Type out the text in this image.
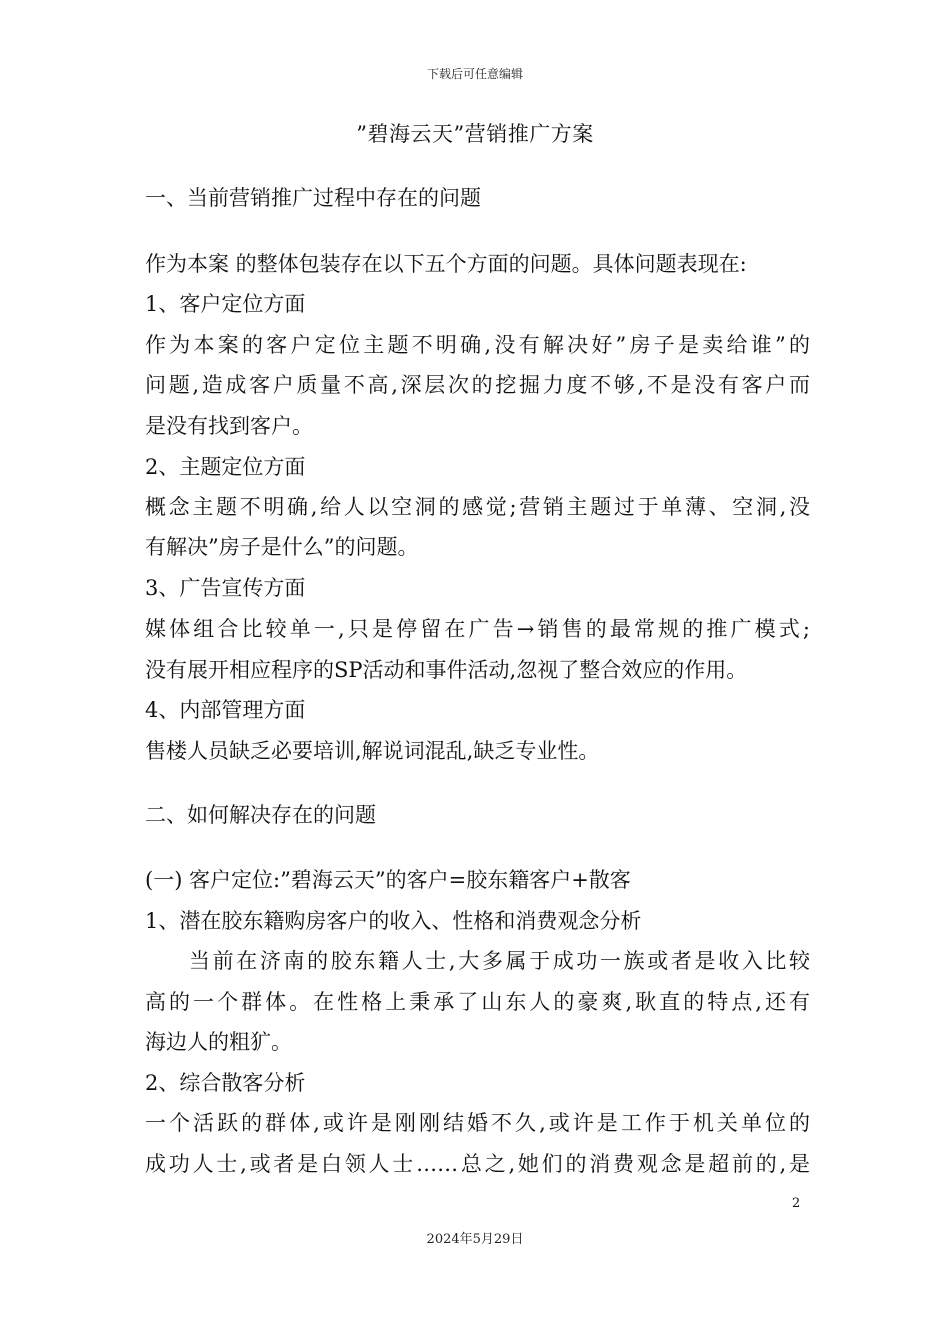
下载后可任意编辑
”碧海云天”营销推广方案
一、当前营销推广过程中存在的问题
作为本案 的整体包装存在以下五个方面的问题。具体问题表现在:
1、客户定位方面
作为本案的客户定位主题不明确,没有解决好”房子是卖给谁”的
问题,造成客户质量不高,深层次的挖掘力度不够,不是没有客户而
是没有找到客户。
2、主题定位方面
概念主题不明确,给人以空洞的感觉;营销主题过于单薄、空洞,没
有解决”房子是什么”的问题。
3、广告宣传方面
媒体组合比较单一,只是停留在广告→销售的最常规的推广模式;
没有展开相应程序的SP活动和事件活动,忽视了整合效应的作用。
4、内部管理方面
售楼人员缺乏必要培训,解说词混乱,缺乏专业性。
二、如何解决存在的问题
(一) 客户定位:”碧海云天”的客户=胶东籍客户+散客
1、潜在胶东籍购房客户的收入、性格和消费观念分析
当前在济南的胶东籍人士,大多属于成功一族或者是收入比较
高的一个群体。在性格上秉承了山东人的豪爽,耿直的特点,还有
海边人的粗犷。
2、综合散客分析
一个活跃的群体,或许是刚刚结婚不久,或许是工作于机关单位的
成功人士,或者是白领人士……总之,她们的消费观念是超前的,是
2
2024年5月29日
